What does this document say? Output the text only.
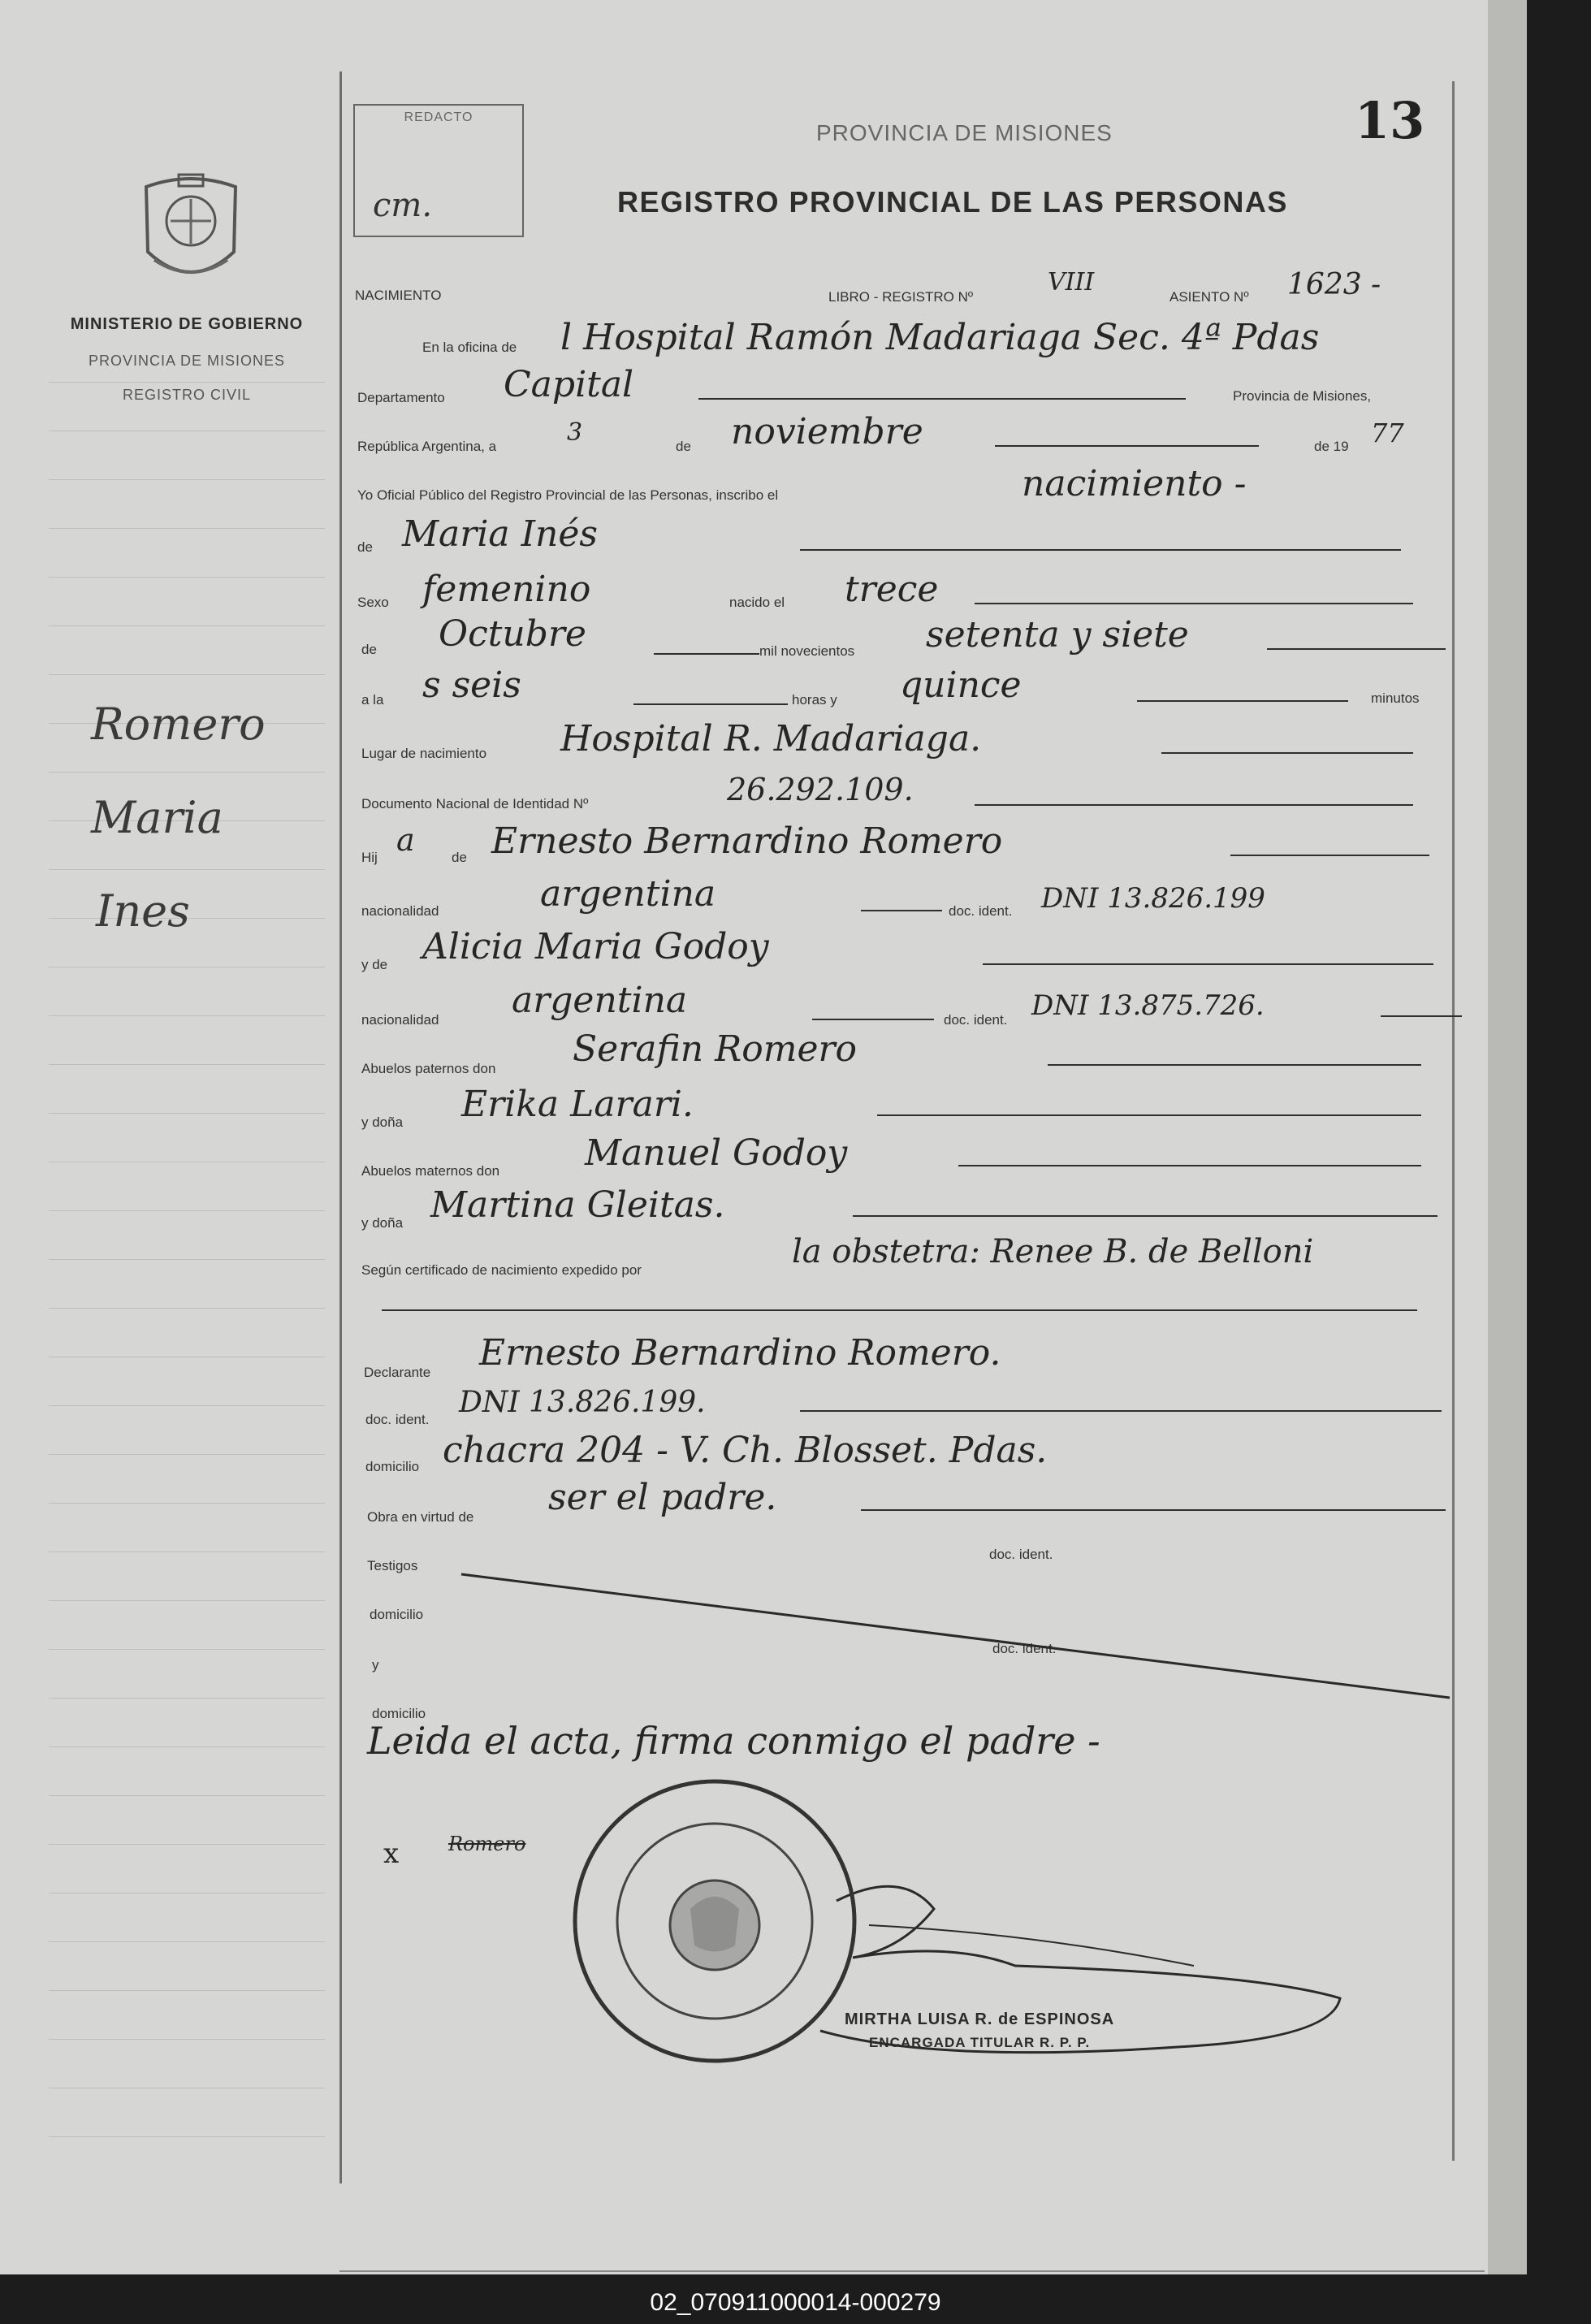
MINISTERIO DE GOBIERNO
PROVINCIA DE MISIONES
REGISTRO CIVIL
Romero
Maria
Ines
REDACTO
cm.
PROVINCIA DE MISIONES
REGISTRO PROVINCIAL DE LAS PERSONAS
13
NACIMIENTO	LIBRO - REGISTRO Nº
VIII
ASIENTO Nº 1623 -
En la oficina de l Hospital Ramón Madariaga Sec. 4ª Pdas
Departamento Capital	Provincia de Misiones,
República Argentina, a	3	de noviembre	de 19 77
Yo Oficial Público del Registro Provincial de las Personas, inscribo el	nacimiento -
de Maria Inés
Sexo femenino	nacido el trece
de Octubre	mil novecientos setenta y siete
a la s seis	horas y quince	minutos
Lugar de nacimiento Hospital R. Madariaga.
Documento Nacional de Identidad Nº	26.292.109.
Hij a	de Ernesto Bernardino Romero
nacionalidad	argentina	doc. ident. DNI 13.826.199
y de Alicia Maria Godoy
nacionalidad argentina	doc. ident. DNI 13.875.726.
Abuelos paternos don Serafin Romero
y doña Erika Larari.
Abuelos maternos don Manuel Godoy
y doña Martina Gleitas.
Según certificado de nacimiento expedido por	la obstetra: Renee B. de Belloni
Declarante Ernesto Bernardino Romero.
doc. ident.
DNI 13.826.199.
domicilio chacra 204 - V. Ch. Blosset. Pdas.
Obra en virtud de ser el padre.
Testigos
doc. ident.
domicilio
y
doc. ident.
domicilio
Leida el acta, firma conmigo el padre -
x	Romero
MIRTHA LUISA R. de ESPINOSA
ENCARGADA TITULAR R. P. P.
02_070911000014-000279
